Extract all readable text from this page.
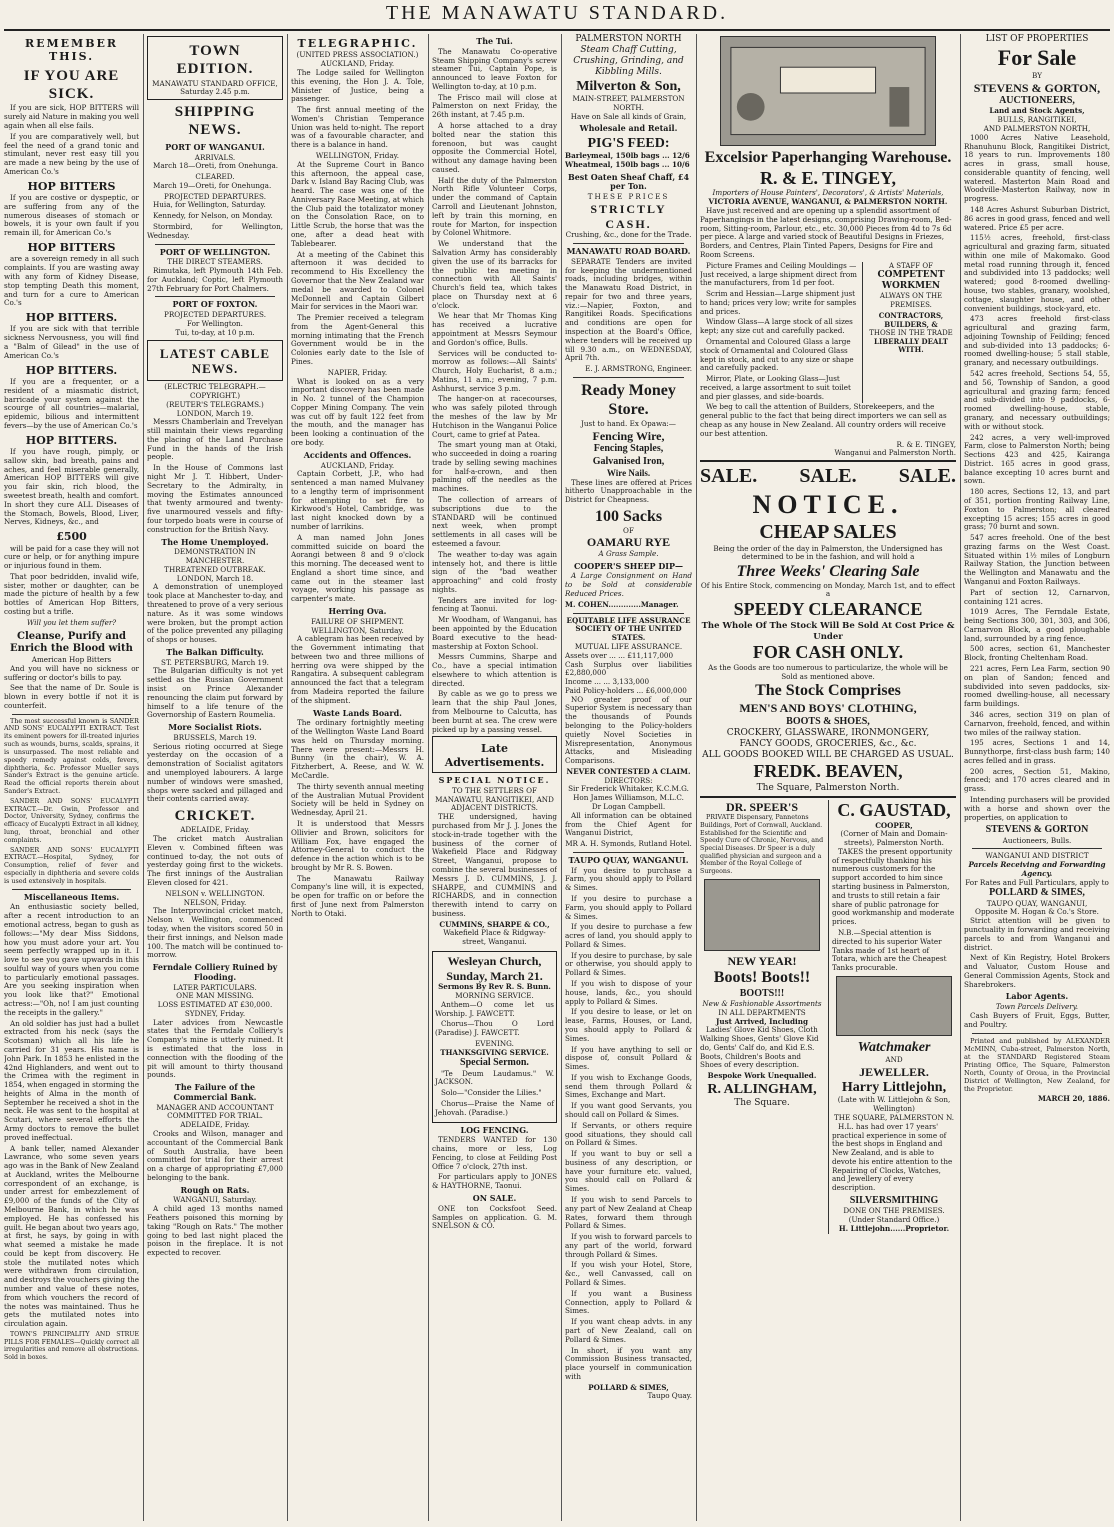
THE MANAWATU STANDARD.
REMEMBER THIS.
IF YOU ARE SICK.

If you are sick, HOP BITTERS will surely aid Nature in making you well again when all else fails.

If you are comparatively well, but feel the need of a grand tonic and stimulant, never rest easy till you are made a new being by the use of American Co.'s

HOP BITTERS

If you are costive or dyspeptic, or are suffering from any of the numerous diseases of stomach or bowels, it is your own fault if you remain ill, for American Co.'s

HOP BITTERS

are a sovereign remedy in all such complaints. If you are wasting away with any form of Kidney Disease, stop tempting Death this moment, and turn for a cure to American Co.'s

HOP BITTERS.

If you are sick with that terrible sickness Nervousness, you will find a "Balm of Gilead" in the use of American Co.'s

HOP BITTERS.

If you are a frequenter, or a resident of a miasmatic district, barricade your system against the scourge of all countries—malarial, epidemic, bilious and intermittent fevers—by the use of American Co.'s

HOP BITTERS.

If you have rough, pimply, or sallow skin, bad breath, pains and aches, and feel miserable generally, American HOP BITTERS will give you fair skin, rich blood, the sweetest breath, health and comfort. In short they cure ALL Diseases of the Stomach, Bowels, Blood, Liver, Nerves, Kidneys, &c., and

£500

will be paid for a case they will not cure or help, or for anything impure or injurious found in them.

That poor bedridden, invalid wife, sister, mother or daughter, can be made the picture of health by a few bottles of American Hop Bitters, costing but a trifle.

Will you let them suffer?
Cleanse, Purify and Enrich the Blood with
American Hop Bitters

And you will have no sickness or suffering or doctor's bills to pay.

See that the name of Dr. Soule is blown in every bottle if not it is counterfeit.

The most successful known is SANDER AND SONS' EUCALYPTI EXTRACT. Test its eminent powers for ill-treated injuries such as wounds, burns, scalds, sprains, it is unsurpassed. The most reliable and speedy remedy against colds, fevers, diphtheria, &c. Professor Mueller says Sander's Extract is the genuine article. Read the official reports therein about Sander's Extract.

SANDER AND SONS' EUCALYPTI EXTRACT.—Dr. Gwin, Professor and Doctor, University, Sydney, confirms the efficacy of Eucalypti Extract in all kidney, lung, throat, bronchial and other complaints.

SANDER AND SONS' EUCALYPTI EXTRACT.—Hospital, Sydney, for Consumption, relief of fever and especially in diphtheria and severe colds is used extensively in hospitals.

Miscellaneous Items.

An enthusiastic society belled, after a recent introduction to an emotional actress, began to gush as follows:—"My dear Miss Siddons, how you must adore your art. You seem perfectly wrapped up in it. I love to see you gave upwards in this soulful way of yours when you come to particularly emotional passages. Are you seeking inspiration when you look like that?" Emotional actress:—"Oh, no! I am just counting the receipts in the gallery."

An old soldier has just had a bullet extracted from his neck (says the Scotsman) which all his life he carried for 31 years. His name is John Park. In 1853 he enlisted in the 42nd Highlanders, and went out to the Crimea with the regiment in 1854, when engaged in storming the heights of Alma in the month of September he received a shot in the neck. He was sent to the hospital at Scutari, where several efforts the Army doctors to remove the bullet proved ineffectual.

A bank teller, named Alexander Lawrance, who some seven years ago was in the Bank of New Zealand at Auckland, writes the Melbourne correspondent of an exchange, is under arrest for embezzlement of £9,000 of the funds of the City of Melbourne Bank, in which he was employed. He has confessed his guilt. He began about two years ago, at first, he says, by going in with what seemed a mistake he made could be kept from discovery. He stole the mutilated notes which were withdrawn from circulation, and destroys the vouchers giving the number and value of these notes, from which vouchers the record of the notes was maintained. Thus he gets the mutilated notes into circulation again.

TOWN'S PRINCIPALITY AND STRUE PILLS FOR FEMALES—Quickly correct all irregularities and remove all obstructions. Sold in boxes.

TOWN EDITION.
MANAWATU STANDARD OFFICE,
Saturday 2.45 p.m.
SHIPPING NEWS.
PORT OF WANGANUI.
ARRIVALS.

March 18—Oreti, from Onehunga.

CLEARED.

March 19—Oreti, for Onehunga.

PROJECTED DEPARTURES.

Huia, for Wellington, Saturday.

Kennedy, for Nelson, on Monday.

Stormbird, for Wellington, Wednesday.

PORT OF WELLINGTON.
THE DIRECT STEAMERS.

Rimutaka, left Plymouth 14th Feb. for Auckland; Coptic, left Plymouth 27th February for Port Chalmers.

PORT OF FOXTON.
PROJECTED DEPARTURES.
For Wellington.
Tui, to-day, at 10 p.m.
LATEST CABLE NEWS.
(ELECTRIC TELEGRAPH.—COPYRIGHT.)
(REUTER'S TELEGRAMS.)
LONDON, March 19.

Messrs Chamberlain and Trevelyan still maintain their views regarding the placing of the Land Purchase Fund in the hands of the Irish people.

In the House of Commons last night Mr J. T. Hibbert, Under-Secretary to the Admiralty, in moving the Estimates announced that twenty armoured and twenty-five unarmoured vessels and fifty-four torpedo boats were in course of construction for the British Navy.

The Home Unemployed.
DEMONSTRATION IN MANCHESTER.
THREATENED OUTBREAK.
LONDON, March 18.

A demonstration of unemployed took place at Manchester to-day, and threatened to prove of a very serious nature. As it was some windows were broken, but the prompt action of the police prevented any pillaging of shops or houses.

The Balkan Difficulty.
ST. PETERSBURG, March 19.

The Bulgarian difficulty is not yet settled as the Russian Government insist on Prince Alexander renouncing the claim put forward by himself to a life tenure of the Governorship of Eastern Roumelia.

More Socialist Riots.
BRUSSELS, March 19.

Serious rioting occurred at Siege yesterday on the occasion of a demonstration of Socialist agitators and unemployed labourers. A large number of windows were smashed, shops were sacked and pillaged and their contents carried away.

CRICKET.
ADELAIDE, Friday.

The cricket match Australian Eleven v. Combined fifteen was continued to-day, the not outs of yesterday going first to the wickets. The first innings of the Australian Eleven closed for 421.

NELSON v. WELLINGTON.
NELSON, Friday.

The Interprovincial cricket match, Nelson v. Wellington, commenced today, when the visitors scored 50 in their first innings, and Nelson made 100. The match will be continued to-morrow.

Ferndale Colliery Ruined by Flooding.
LATER PARTICULARS.
ONE MAN MISSING.
LOSS ESTIMATED AT £30,000.
SYDNEY, Friday.

Later advices from Newcastle states that the Ferndale Colliery's Company's mine is utterly ruined. It is estimated that the loss in connection with the flooding of the pit will amount to thirty thousand pounds.

The Failure of the Commercial Bank.
MANAGER AND ACCOUNTANT COMMITTED FOR TRIAL.
ADELAIDE, Friday.

Crooks and Wilson, manager and accountant of the Commercial Bank of South Australia, have been committed for trial for their arrest on a charge of appropriating £7,000 belonging to the bank.

Rough on Rats.
WANGANUI, Saturday.

A child aged 13 months named Feathers poisoned this morning by taking "Rough on Rats." The mother going to bed last night placed the poison in the fireplace. It is not expected to recover.

TELEGRAPHIC.
(UNITED PRESS ASSOCIATION.)
AUCKLAND, Friday.

The Lodge sailed for Wellington this evening, the Hon J. A. Tole, Minister of Justice, being a passenger.

The first annual meeting of the Women's Christian Temperance Union was held to-night. The report was of a favourable character, and there is a balance in hand.

WELLINGTON, Friday.

At the Supreme Court in Banco this afternoon, the appeal case, Dark v. Island Bay Racing Club, was heard. The case was one of the Anniversary Race Meeting, at which the Club paid the totalizator money on the Consolation Race, on to Little Scrub, the horse that was the one, after a dead heat with Tablebearer.

At a meeting of the Cabinet this afternoon it was decided to recommend to His Excellency the Governor that the New Zealand war medal be awarded to Colonel McDonnell and Captain Gilbert Mair for services in the Maori war.

The Premier received a telegram from the Agent-General this morning intimating that the French Government would be in the Colonies early date to the Isle of Pines.

NAPIER, Friday.

What is looked on as a very important discovery has been made in No. 2 tunnel of the Champion Copper Mining Company. The vein was cut off by fault 122 feet from the mouth, and the manager has been looking a continuation of the ore body.

Accidents and Offences.
AUCKLAND, Friday.

Captain Corbett, J.P., who had sentenced a man named Mulvaney to a lengthy term of imprisonment for attempting to set fire to Kirkwood's Hotel, Cambridge, was last night knocked down by a number of larrikins.

A man named John Jones committed suicide on board the Aorangi between 8 and 9 o'clock this morning. The deceased went to England a short time since, and came out in the steamer last voyage, working his passage as carpenter's mate.

Herring Ova.
FAILURE OF SHIPMENT.
WELLINGTON, Saturday.

A cablegram has been received by the Government intimating that between two and three millions of herring ova were shipped by the Rangatira. A subsequent cablegram announced the fact that a telegram from Madeira reported the failure of the shipment.

Waste Lands Board.

The ordinary fortnightly meeting of the Wellington Waste Land Board was held on Thursday morning. There were present:—Messrs H. Bunny (in the chair), W. A. Fitzherbert, A. Reese, and W. W. McCardle.

The thirty seventh annual meeting of the Australian Mutual Provident Society will be held in Sydney on Wednesday, April 21.

It is understood that Messrs Ollivier and Brown, solicitors for William Fox, have engaged the Attorney-General to conduct the defence in the action which is to be brought by Mr R. S. Bowen.

The Manawatu Railway Company's line will, it is expected, be open for traffic on or before the first of June next from Palmerston North to Otaki.

The Tui.

The Manawatu Co-operative Steam Shipping Company's screw steamer Tui, Captain Pope, is announced to leave Foxton for Wellington to-day, at 10 p.m.

The Frisco mail will close at Palmerston on next Friday, the 26th instant, at 7.45 p.m.

A horse attached to a dray bolted near the station this forenoon, but was caught opposite the Commercial Hotel, without any damage having been caused.

Half the duty of the Palmerston North Rifle Volunteer Corps, under the command of Captain Carroll and Lieutenant Johnston, left by train this morning, en route for Marton, for inspection by Colonel Whitmore.

We understand that the Salvation Army has considerably given the use of its barracks for the public tea meeting in connection with All Saints' Church's field tea, which takes place on Thursday next at 6 o'clock.

We hear that Mr Thomas King has received a lucrative appointment at Messrs Seymour and Gordon's office, Bulls.

Services will be conducted to-morrow as follows:—All Saints' Church, Holy Eucharist, 8 a.m.; Matins, 11 a.m.; evening, 7 p.m. Ashhurst, service 3 p.m.

The hanger-on at racecourses, who was safely piloted through the meshes of the law by Mr Hutchison in the Wanganui Police Court, came to grief at Patea.

The smart young man at Otaki, who succeeded in doing a roaring trade by selling sewing machines for half-a-crown, and then palming off the needles as the machines.

The collection of arrears of subscriptions due to the STANDARD will be continued next week, when prompt settlements in all cases will be esteemed a favour.

The weather to-day was again intensely hot, and there is little sign of the "bad weather approaching" and cold frosty nights.

Tenders are invited for log-fencing at Taonui.

Mr Woodham, of Wanganui, has been appointed by the Education Board executive to the head-mastership at Foxton School.

Messrs Cummins, Sharpe and Co., have a special intimation elsewhere to which attention is directed.

By cable as we go to press we learn that the ship Paul Jones, from Melbourne to Calcutta, has been burnt at sea. The crew were picked up by a passing vessel.

Late Advertisements.
SPECIAL NOTICE.
TO THE SETTLERS OF MANAWATU, RANGITIKEI, AND ADJACENT DISTRICTS.

THE undersigned, having purchased from Mr J. J. Jones the stock-in-trade together with the business of the corner of Wakefield Place and Ridgway Street, Wanganui, propose to combine the several businesses of Messrs J. D. CUMMINS, J. J. SHARPE, and CUMMINS and RICHARDS, and in connection therewith intend to carry on business.

CUMMINS, SHARPE & CO.,
Wakefield Place & Ridgway-street, Wanganui.
Wesleyan Church,
Sunday, March 21.
Sermons By Rev R. S. Bunn.
MORNING SERVICE.

Anthem—O come let us Worship. J. FAWCETT.

Chorus—Thou O Lord (Paradise) J. FAWCETT.

EVENING.
THANKSGIVING SERVICE.
Special Sermon.

"Te Deum Laudamus." W. JACKSON.

Solo—"Consider the Lilies."

Chorus—Praise the Name of Jehovah. (Paradise.)

LOG FENCING.

TENDERS WANTED for 130 chains, more or less, Log Fencing, to close at Feilding Post Office 7 o'clock, 27th inst.

For particulars apply to JONES & HAYTHORNE, Taonui.

ON SALE.

ONE ton Cocksfoot Seed. Samples on application. G. M. SNELSON & CO.

PALMERSTON NORTH
Steam Chaff Cutting, Crushing, Grinding, and Kibbling Mills.
Milverton & Son,
MAIN-STREET, PALMERSTON NORTH.
Have on Sale all kinds of Grain,
Wholesale and Retail.
PIG'S FEED:
Barleymeal, 150lb bags ... 12/6
Wheatmeal, 150lb bags ... 10/6
Best Oaten Sheaf Chaff, £4 per Ton.
THESE PRICES
STRICTLY CASH.
Crushing, &c., done for the Trade.
MANAWATU ROAD BOARD.

SEPARATE Tenders are invited for keeping the undermentioned roads, including bridges, within the Manawatu Road District, in repair for two and three years, viz.:—Napier, Foxton, and Rangitikei Roads. Specifications and conditions are open for inspection at the Board's Office, where tenders will be received up till 9.30 a.m., on WEDNESDAY, April 7th.

E. J. ARMSTRONG, Engineer.
Ready Money Store.
Just to hand. Ex Opawa:—
Fencing Wire,
Fencing Staples,
Galvanised Iron,
Wire Nails.

These lines are offered at Prices hitherto Unapproachable in the District for Cheapness.

100 Sacks
OF
OAMARU RYE
A Grass Sample.
COOPER'S SHEEP DIP—

A Large Consignment on Hand to be Sold at considerable Reduced Prices.

M. COHEN.............Manager.
EQUITABLE LIFE ASSURANCE SOCIETY OF THE UNITED STATES.
MUTUAL LIFE ASSURANCE.
Assets over ... ... £11,117,000
Cash Surplus over liabilities £2,880,000
Income ... ... 3,133,000
Paid Policy-holders ... £6,000,000

NO greater proof of our Superior System is necessary than the thousands of Pounds belonging to the Policy-holders quietly Novel Societies in Misrepresentation, Anonymous Attacks, and Misleading Comparisons.

NEVER CONTESTED A CLAIM.
DIRECTORS:
Sir Frederick Whitaker, K.C.M.G.
Hon James Williamson, M.L.C.
Dr Logan Campbell.

All information can be obtained from the Chief Agent for Wanganui District,

MR A. H. Symonds, Rutland Hotel.
TAUPO QUAY, WANGANUI.

If you desire to purchase a Farm, you should apply to Pollard & Simes.

If you desire to purchase a Farm, you should apply to Pollard & Simes.

If you desire to purchase a few acres of land, you should apply to Pollard & Simes.

If you desire to purchase, by sale or otherwise, you should apply to Pollard & Simes.

If you wish to dispose of your house, lands, &c., you should apply to Pollard & Simes.

If you desire to lease, or let on lease, Farms, Houses, or Land, you should apply to Pollard & Simes.

If you have anything to sell or dispose of, consult Pollard & Simes.

If you wish to Exchange Goods, send them through Pollard & Simes, Exchange and Mart.

If you want good Servants, you should call on Pollard & Simes.

If Servants, or others require good situations, they should call on Pollard & Simes.

If you want to buy or sell a business of any description, or have your furniture etc. valued, you should call on Pollard & Simes.

If you wish to send Parcels to any part of New Zealand at Cheap Rates, forward them through Pollard & Simes.

If you wish to forward parcels to any part of the world, forward through Pollard & Simes.

If you wish your Hotel, Store, &c., well Canvassed, call on Pollard & Simes.

If you want a Business Connection, apply to Pollard & Simes.

If you want cheap advts. in any part of New Zealand, call on Pollard & Simes.

In short, if you want any Commission Business transacted, place yourself in communication with

POLLARD & SIMES,
Taupo Quay.
Excelsior Paperhanging Warehouse.
R. & E. TINGEY,
Importers of House Painters', Decorators', & Artists' Materials,
VICTORIA AVENUE, WANGANUI, & PALMERSTON NORTH.

Have just received and are opening up a splendid assortment of Paperhangings in the latest designs, comprising Drawing-room, Bed-room, Sitting-room, Parlour, etc., etc. 30,000 Pieces from 4d to 7s 6d per piece. A large and varied stock of Beautiful Designs in Friezes, Borders, and Centres, Plain Tinted Papers, Designs for Fire and Room Screens.

Picture Frames and Ceiling Mouldings — Just received, a large shipment direct from the manufacturers, from 1d per foot.

Scrim and Hessian—Large shipment just to hand; prices very low; write for samples and prices.

Window Glass—A large stock of all sizes kept; any size cut and carefully packed.

Ornamental and Coloured Glass a large stock of Ornamental and Coloured Glass kept in stock, and cut to any size or shape and carefully packed.

Mirror, Plate, or Looking Glass—Just received, a large assortment to suit toilet and pier glasses, and side-boards.

A STAFF OF
COMPETENT WORKMEN
ALWAYS ON THE PREMISES.
CONTRACTORS, BUILDERS, &
THOSE IN THE TRADE
LIBERALLY DEALT WITH.

We beg to call the attention of Builders, Storekeepers, and the general public to the fact that being direct importers we can sell as cheap as any house in New Zealand. All country orders will receive our best attention.

R. & E. TINGEY,
Wanganui and Palmerston North.
SALE. SALE. SALE.
NOTICE.
CHEAP SALES
Being the order of the day in Palmerston, the Undersigned has determined to be in the fashion, and will hold a
Three Weeks' Clearing Sale
Of his Entire Stock, commencing on Monday, March 1st, and to effect a
SPEEDY CLEARANCE
The Whole Of The Stock Will Be Sold At Cost Price & Under
FOR CASH ONLY.
As the Goods are too numerous to particularize, the whole will be Sold as mentioned above.
The Stock Comprises
MEN'S AND BOYS' CLOTHING,
BOOTS & SHOES,
CROCKERY, GLASSWARE, IRONMONGERY,
FANCY GOODS, GROCERIES, &c., &c.
ALL GOODS BOOKED WILL BE CHARGED AS USUAL.
FREDK. BEAVEN,
The Square, Palmerston North.
DR. SPEER'S

PRIVATE Dispensary, Pannetons Buildings, Port of Cornwall, Auckland. Established for the Scientific and Speedy Cure of Chronic, Nervous, and Special Diseases. Dr Speer is a duly qualified physician and surgeon and a Member of the Royal College of Surgeons.

NEW YEAR!
Boots! Boots!!
BOOTS!!!
New & Fashionable Assortments
IN ALL DEPARTMENTS
Just Arrived, Including

Ladies' Glove Kid Shoes, Cloth Walking Shoes, Gents' Glove Kid do, Gents' Calf do, and Kid E.S. Boots, Children's Boots and Shoes of every description.

Bespoke Work Unequalled.
R. ALLINGHAM,
The Square.
C. GAUSTAD,
COOPER,
(Corner of Main and Domain-streets), Palmerston North.

TAKES the present opportunity of respectfully thanking his numerous customers for the support accorded to him since starting business in Palmerston, and trusts to still retain a fair share of public patronage for good workmanship and moderate prices.

N.B.—Special attention is directed to his superior Water Tanks made of 1st heart of Totara, which are the Cheapest Tanks procurable.

Watchmaker
AND
JEWELLER.
Harry Littlejohn,
(Late with W. Littlejohn & Son, Wellington)
THE SQUARE, PALMERSTON N.

H.L. has had over 17 years' practical experience in some of the best shops in England and New Zealand, and is able to devote his entire attention to the Repairing of Clocks, Watches, and Jewellery of every description.

SILVERSMITHING
DONE ON THE PREMISES.
(Under Standard Office.)
H. Littlejohn......Proprietor.
LIST OF PROPERTIES
For Sale
BY
STEVENS & GORTON,
AUCTIONEERS,
Land and Stock Agents,
BULLS, RANGITIKEI,
AND PALMERSTON NORTH,

1000 Acres Native Leasehold, Rhanuhunu Block, Rangitikei District, 18 years to run. Improvements 180 acres in grass, small house, considerable quantity of fencing, well watered. Masterton Main Road and Woodville-Masterton Railway, now in progress.

148 Acres Ashurst Suburban District, 86 acres in good grass, fenced and well watered. Price £5 per acre.

115½ acres, freehold, first-class agricultural and grazing farm, situated within one mile of Makomako. Good metal road running through it, fenced and subdivided into 13 paddocks; well watered; good 8-roomed dwelling-house, two stables, granary, woolshed, cottage, slaughter house, and other convenient buildings, stock-yard, etc.

473 acres freehold first-class agricultural and grazing farm, adjoining Township of Feilding; fenced and sub-divided into 13 paddocks; 6-roomed dwelling-house; 5 stall stable, granary, and necessary outbuildings.

542 acres freehold, Sections 54, 55, and 56, Township of Sandon, a good agricultural and grazing farm; fenced and sub-divided into 9 paddocks, 6-roomed dwelling-house, stable, granary, and necessary outbuildings; with or without stock.

242 acres, a very well-improved Farm, close to Palmerston North; being Sections 423 and 425, Kairanga District. 165 acres in good grass, balance excepting 10 acres burnt and sown.

180 acres, Sections 12, 13, and part of 351, portion fronting Railway Line, Foxton to Palmerston; all cleared excepting 15 acres; 155 acres in good grass; 70 burnt and sown.

547 acres freehold. One of the best grazing farms on the West Coast. Situated within 1½ miles of Longburn Railway Station, the Junction between the Wellington and Manawatu and the Wanganui and Foxton Railways.

Part of section 12, Carnarvon, containing 121 acres.

1019 Acres, The Ferndale Estate, being Sections 300, 301, 303, and 306, Carnarvon Block, a good ploughable land, surrounded by a ring fence.

500 acres, section 61, Manchester Block, fronting Cheltenham Road.

221 acres, Fern Lea Farm, section 90 on plan of Sandon; fenced and subdivided into seven paddocks, six-roomed dwelling-house, all necessary farm buildings.

346 acres, section 319 on plan of Carnarvon, freehold, fenced, and within two miles of the railway station.

195 acres, Sections 1 and 14, Bunnythorpe, first-class bush farm; 140 acres felled and in grass.

200 acres, Section 51, Makino, fenced; and 170 acres cleared and in grass.

Intending purchasers will be provided with a horse and shown over the properties, on application to

STEVENS & GORTON
Auctioneers, Bulls.
WANGANUI AND DISTRICT
Parcels Receiving and Forwarding Agency.
For Rates and Full Particulars, apply to
POLLARD & SIMES,
TAUPO QUAY, WANGANUI,
Opposite M. Hogan & Co.'s Store.

Strict attention will be given to punctuality in forwarding and receiving parcels to and from Wanganui and district.

Next of Kin Registry, Hotel Brokers and Valuator, Custom House and General Commission Agents, Stock and Sharebrokers.

Labor Agents.
Town Parcels Delivery.

Cash Buyers of Fruit, Eggs, Butter, and Poultry.

Printed and published by ALEXANDER McMINN, Cuba-street, Palmerston North, at the STANDARD Registered Steam Printing Office, The Square, Palmerston North, County of Oroua, in the Provincial District of Wellington, New Zealand, for the Proprietor.

MARCH 20, 1886.
